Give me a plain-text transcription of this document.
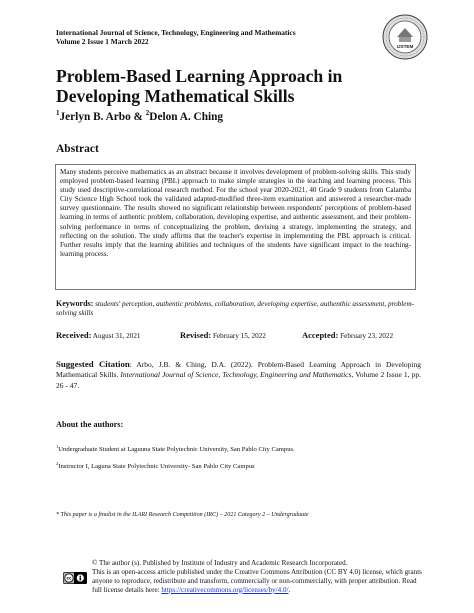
International Journal of Science, Technology, Engineering and Mathematics
Volume 2 Issue 1 March 2022
IJSTEM
Problem-Based Learning Approach in
Developing Mathematical Skills
$^1$Jerlyn B. Arbo & $^2$Delon A. Ching
Abstract
Many students perceive mathematics as an abstract because it involves development of problem-solving skills. This study employed problem-based learning (PBL) approach to make simple strategies in the teaching and learning process. This study used descriptive-correlational research method. For the school year 2020-2021, 40 Grade 9 students from Calamba City Science High School took the validated adapted-modified three-item examination and answered a researcher-made survey questionnaire. The results showed no significant relationship between respondents' perceptions of problem-based learning in terms of authentic problem, collaboration, developing expertise, and authentic assessment, and their problem-solving performance in terms of conceptualizing the problem, devising a strategy, implementing the strategy, and reflecting on the solution. The study affirms that the teacher's expertise in implementing the PBL approach is critical. Further results imply that the learning abilities and techniques of the students have significant impact to the teaching-learning process.
Keywords: students' perception, authentic problems, collaboration, developing expertise, authenthic assessment, problem-solving skills
Received: August 31, 2021	Revised: February 15, 2022	Accepted: February 23, 2022
Suggested Citation: Arbo, J.B. & Ching, D.A. (2022). Problem-Based Learning Approach in Developing Mathematical Skills. International Journal of Science, Technology, Engineering and Mathematics, Volume 2 Issue 1, pp. 26 - 47.
About the authors:
$^1$Undergraduate Student at Laguuna State Polytechnic University, San Pablo City Campus.
$^2$Instructor I, Laguna State Polytechnic University- San Pablo City Campus
* This paper is a finalist in the ILARI Research Competition (IRC) – 2021 Category 2 – Undergraduate
cc
© The author (s). Published by Institute of Industry and Academic Research Incorporated.
This is an open-access article published under the Creative Commons Attribution (CC BY 4.0) license, which grants anyone to reproduce, redistribute and transform, commercially or non-commercially, with proper attribution. Read full license details here: https://creativecommons.org/licenses/by/4.0/.
